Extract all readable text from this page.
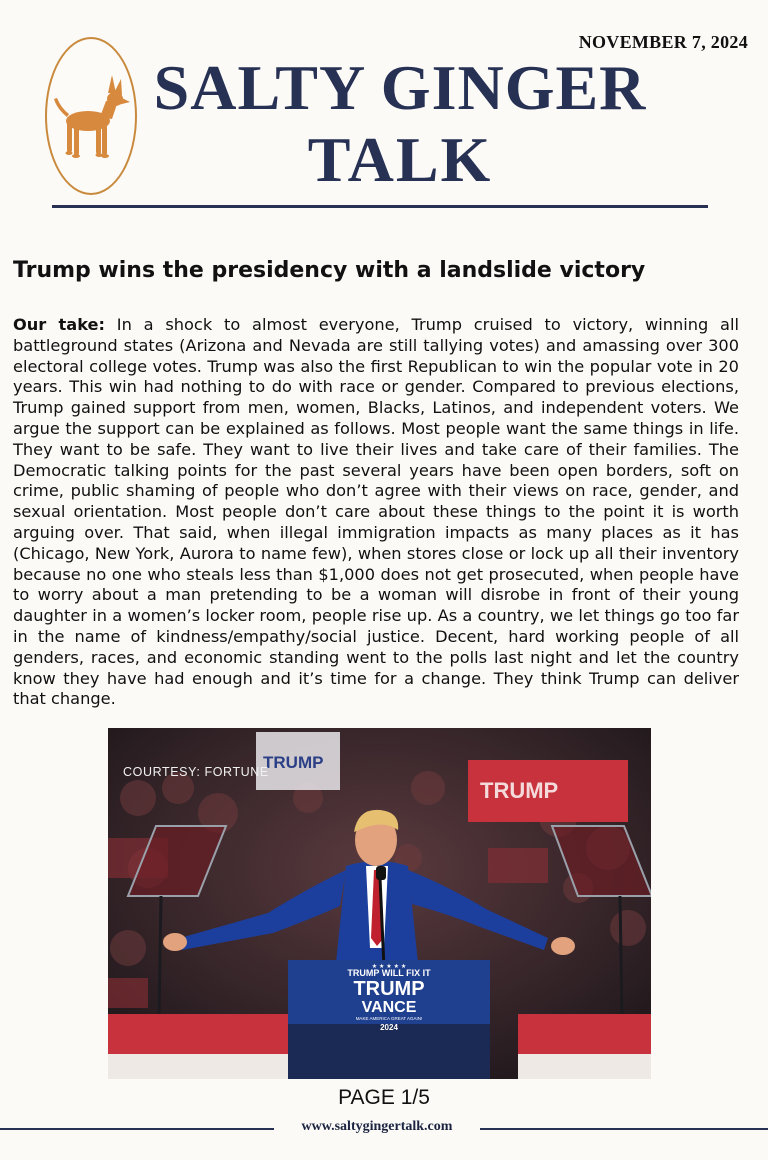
NOVEMBER 7, 2024
SALTY GINGER
TALK
Trump wins the presidency with a landslide victory
Our take: In a shock to almost everyone, Trump cruised to victory, winning all battleground states (Arizona and Nevada are still tallying votes) and amassing over 300 electoral college votes. Trump was also the first Republican to win the popular vote in 20 years. This win had nothing to do with race or gender. Compared to previous elections, Trump gained support from men, women, Blacks, Latinos, and independent voters. We argue the support can be explained as follows. Most people want the same things in life. They want to be safe. They want to live their lives and take care of their families. The Democratic talking points for the past several years have been open borders, soft on crime, public shaming of people who don’t agree with their views on race, gender, and sexual orientation. Most people don’t care about these things to the point it is worth arguing over. That said, when illegal immigration impacts as many places as it has (Chicago, New York, Aurora to name few), when stores close or lock up all their inventory because no one who steals less than $1,000 does not get prosecuted, when people have to worry about a man pretending to be a woman will disrobe in front of their young daughter in a women’s locker room, people rise up. As a country, we let things go too far in the name of kindness/empathy/social justice. Decent, hard working people of all genders, races, and economic standing went to the polls last night and let the country know they have had enough and it’s time for a change. They think Trump can deliver that change.
TRUMP
TRUMP
★ ★ ★ ★ ★
TRUMP WILL FIX IT
TRUMP
VANCE
MAKE AMERICA GREAT AGAIN!
2024
COURTESY: FORTUNE
PAGE 1/5
www.saltygingertalk.com
